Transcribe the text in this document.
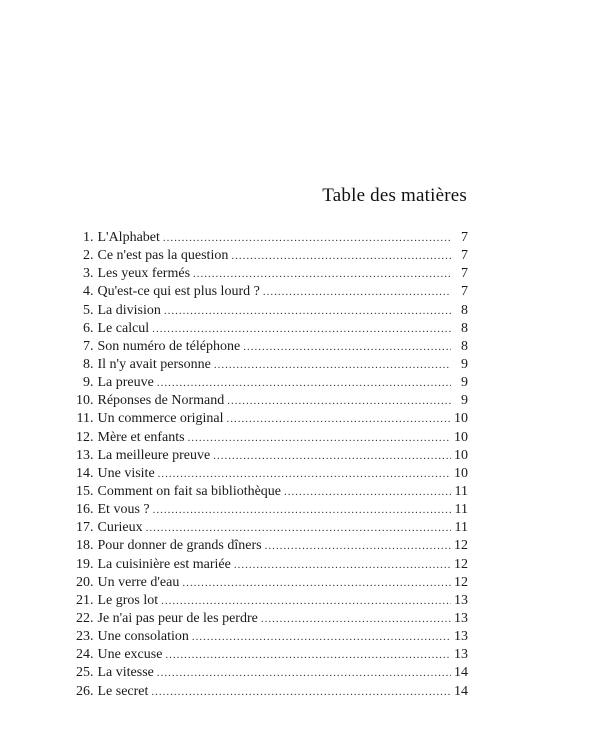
Table des matières
1 . L'Alphabet .....	7
2 . Ce n'est pas la question .....	7
3 . Les yeux fermés .....	7
4 . Qu'est-ce qui est plus lourd ? .....	7
5 . La division .....	8
6 . Le calcul .....	8
7 . Son numéro de téléphone .....	8
8 . Il n'y avait personne .....	9
9 . La preuve .....	9
10 . Réponses de Normand .....	9
11 . Un commerce original .....	10
12 . Mère et enfants .....	10
13 . La meilleure preuve .....	10
14 . Une visite .....	10
15 . Comment on fait sa bibliothèque .....	11
16 . Et vous ? .....	11
17 . Curieux .....	11
18 . Pour donner de grands dîners .....	12
19 . La cuisinière est mariée .....	12
20 . Un verre d'eau .....	12
21 . Le gros lot .....	13
22 . Je n'ai pas peur de les perdre .....	13
23 . Une consolation .....	13
24 . Une excuse .....	13
25 . La vitesse .....	14
26 . Le secret .....	14
